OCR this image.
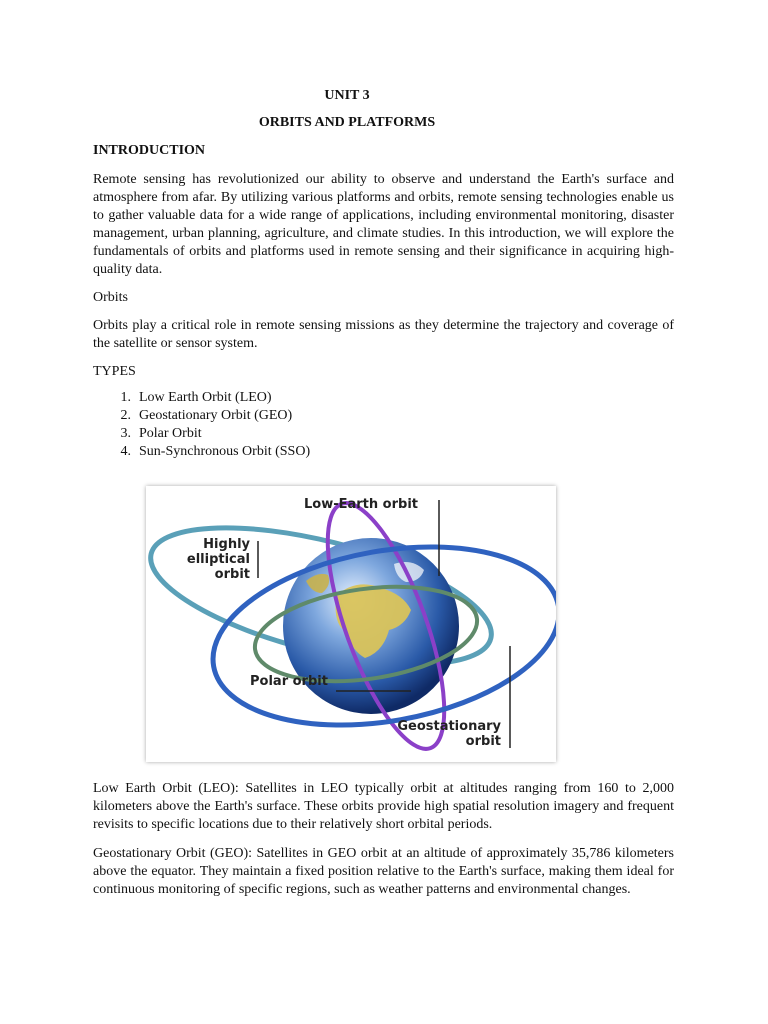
UNIT 3
ORBITS AND PLATFORMS
INTRODUCTION

Remote sensing has revolutionized our ability to observe and understand the Earth's surface and atmosphere from afar. By utilizing various platforms and orbits, remote sensing technologies enable us to gather valuable data for a wide range of applications, including environmental monitoring, disaster management, urban planning, agriculture, and climate studies. In this introduction, we will explore the fundamentals of orbits and platforms used in remote sensing and their significance in acquiring high-quality data.

Orbits

Orbits play a critical role in remote sensing missions as they determine the trajectory and coverage of the satellite or sensor system.

TYPES
1. Low Earth Orbit (LEO)
2. Geostationary Orbit (GEO)
3. Polar Orbit
4. Sun-Synchronous Orbit (SSO)
Low-Earth orbit
Highly
elliptical
orbit
Polar orbit
Geostationary
orbit

Low Earth Orbit (LEO): Satellites in LEO typically orbit at altitudes ranging from 160 to 2,000 kilometers above the Earth's surface. These orbits provide high spatial resolution imagery and frequent revisits to specific locations due to their relatively short orbital periods.

Geostationary Orbit (GEO): Satellites in GEO orbit at an altitude of approximately 35,786 kilometers above the equator. They maintain a fixed position relative to the Earth's surface, making them ideal for continuous monitoring of specific regions, such as weather patterns and environmental changes.
